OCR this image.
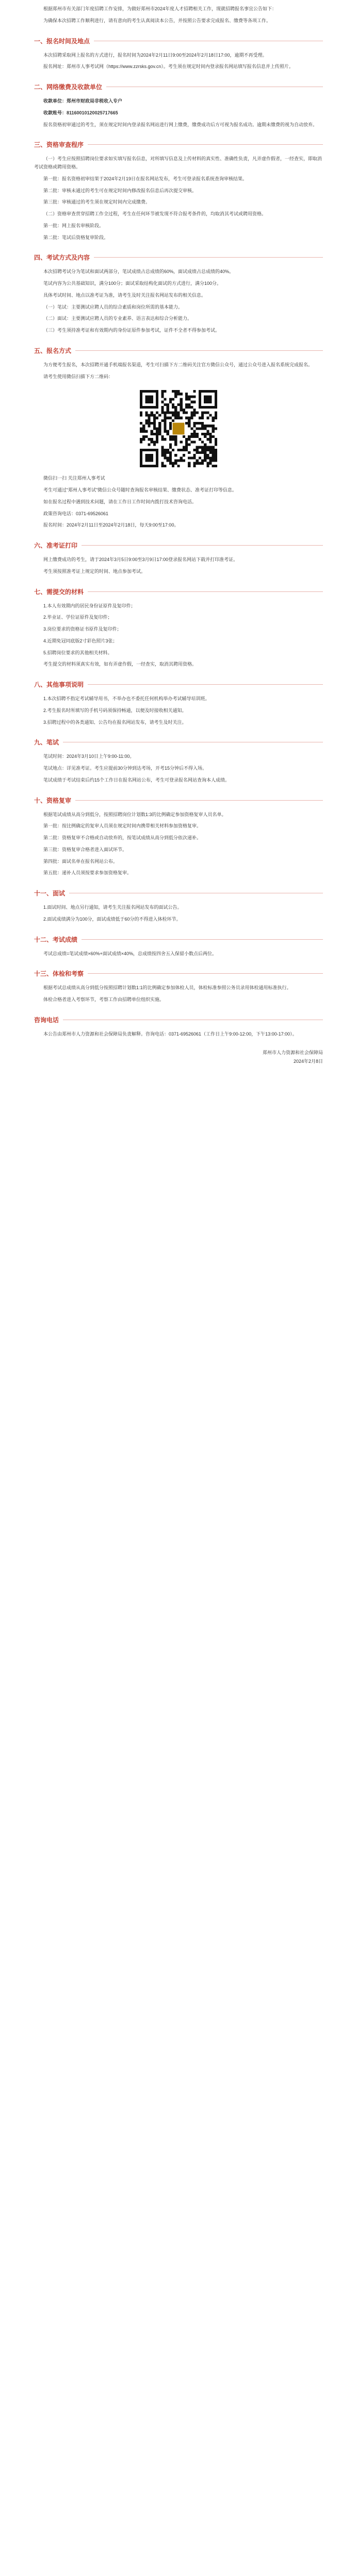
根据郑州市有关部门年度招聘工作安排，为做好郑州市2024年度人才招聘相关工作，现就招聘报名事宜公告如下：

为确保本次招聘工作顺利进行，请有意向的考生认真阅读本公告，并按照公告要求完成报名、缴费等各项工作。

一、报名时间及地点

本次招聘采取网上报名的方式进行，报名时间为2024年2月11日9:00至2024年2月18日17:00，逾期不再受理。

报名网址：郑州市人事考试网（https://www.zzrsks.gov.cn）。考生须在规定时间内登录报名网站填写报名信息并上传照片。

二、网络缴费及收款单位

收款单位：郑州市财政局非税收入专户

收款账号：81160010120025717665

报名资格初审通过的考生，须在规定时间内登录报名网站进行网上缴费，缴费成功后方可视为报名成功。逾期未缴费的视为自动放弃。

三、资格审查程序

（一）考生应按照招聘岗位要求如实填写报名信息，对所填写信息及上传材料的真实性、准确性负责，凡弄虚作假者，一经查实，即取消考试资格或聘用资格。

第一批：报名资格初审结果于2024年2月19日在报名网站发布，考生可登录报名系统查询审核结果。

第二批：审核未通过的考生可在规定时间内修改报名信息后再次提交审核。

第三批：审核通过的考生须在规定时间内完成缴费。

（二）资格审查贯穿招聘工作全过程，考生在任何环节被发现不符合报考条件的，均取消其考试或聘用资格。

第一批：网上报名审核阶段。

第二批：笔试后资格复审阶段。

四、考试方式及内容

本次招聘考试分为笔试和面试两部分，笔试成绩占总成绩的60%，面试成绩占总成绩的40%。

笔试内容为公共基础知识，满分100分；面试采取结构化面试的方式进行，满分100分。

具体考试时间、地点以准考证为准，请考生及时关注报名网站发布的相关信息。

（一）笔试：主要测试应聘人员的综合素质和岗位所需的基本能力。

（二）面试：主要测试应聘人员的专业素养、语言表达和综合分析能力。

（三）考生须持准考证和有效期内的身份证原件参加考试，证件不全者不得参加考试。

五、报名方式

为方便考生报名，本次招聘开通手机端报名渠道，考生可扫描下方二维码关注官方微信公众号，通过公众号进入报名系统完成报名。

请考生使用微信扫描下方二维码：

微信扫一扫 关注郑州人事考试

考生可通过“郑州人事考试”微信公众号随时查询报名审核结果、缴费状态、准考证打印等信息。

如在报名过程中遇到技术问题，请在工作日工作时间内拨打技术咨询电话。

政策咨询电话：0371-69526061

报名时间：2024年2月11日至2024年2月18日，每天9:00至17:00。

六、准考证打印

网上缴费成功的考生，请于2024年3月5日9:00至3月9日17:00登录报名网站下载并打印准考证。

考生须按照准考证上规定的时间、地点参加考试。

七、需提交的材料

1.本人有效期内的居民身份证原件及复印件；

2.毕业证、学位证原件及复印件；

3.岗位要求的资格证书原件及复印件；

4.近期免冠同底版2寸彩色照片3张；

5.招聘岗位要求的其他相关材料。

考生提交的材料须真实有效，如有弄虚作假，一经查实，取消其聘用资格。

八、其他事项说明

1.本次招聘不指定考试辅导用书，不举办也不委托任何机构举办考试辅导培训班。

2.考生报名时所填写的手机号码须保持畅通，以便及时接收相关通知。

3.招聘过程中的各类通知、公告均在报名网站发布，请考生及时关注。

九、笔试

笔试时间：2024年3月10日上午9:00-11:00。

笔试地点：详见准考证。考生应提前30分钟到达考场，开考15分钟后不得入场。

笔试成绩于考试结束后约15个工作日在报名网站公布，考生可登录报名网站查询本人成绩。

十、资格复审

根据笔试成绩从高分到低分，按照招聘岗位计划数1:3的比例确定参加资格复审人员名单。

第一批：按比例确定的复审人员须在规定时间内携带相关材料参加资格复审。

第二批：资格复审不合格或自动放弃的，按笔试成绩从高分到低分依次递补。

第三批：资格复审合格者进入面试环节。

第四批：面试名单在报名网站公布。

第五批：递补人员须按要求参加资格复审。

十一、面试

1.面试时间、地点另行通知，请考生关注报名网站发布的面试公告。

2.面试成绩满分为100分，面试成绩低于60分的不得进入体检环节。

十二、考试成绩

考试总成绩=笔试成绩×60%+面试成绩×40%，总成绩按四舍五入保留小数点后两位。

十三、体检和考察

根据考试总成绩从高分到低分按照招聘计划数1:1的比例确定参加体检人员，体检标准参照公务员录用体检通用标准执行。

体检合格者进入考察环节，考察工作由招聘单位组织实施。

咨询电话

本公告由郑州市人力资源和社会保障局负责解释。咨询电话：0371-69526061（工作日上午9:00-12:00，下午13:00-17:00）。

郑州市人力资源和社会保障局
2024年2月8日
